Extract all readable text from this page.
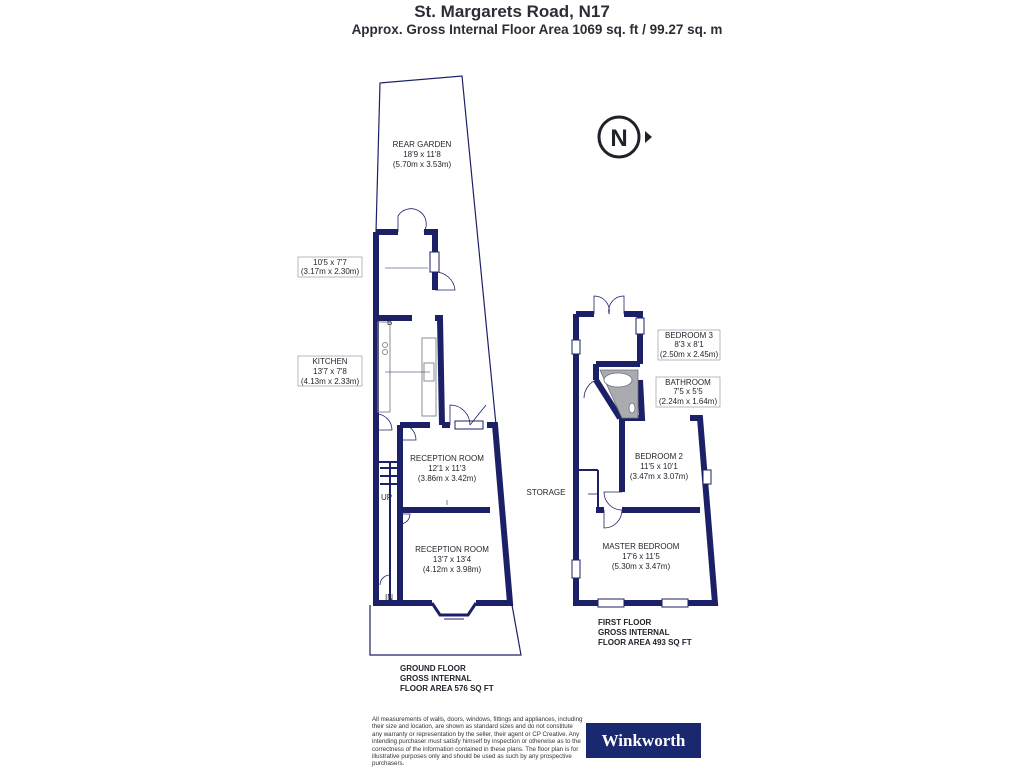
St. Margarets Road, N17
Approx. Gross Internal Floor Area 1069 sq. ft / 99.27 sq. m
N
B
REAR GARDEN
18'9 x 11'8
(5.70m x 3.53m)
10'5 x 7'7
(3.17m x 2.30m)
KITCHEN
13'7 x 7'8
(4.13m x 2.33m)
RECEPTION ROOM
12'1 x 11'3
(3.86m x 3.42m)
RECEPTION ROOM
13'7 x 13'4
(4.12m x 3.98m)
UP
IN
BEDROOM 3
8'3 x 8'1
(2.50m x 2.45m)
BATHROOM
7'5 x 5'5
(2.24m x 1.64m)
BEDROOM 2
11'5 x 10'1
(3.47m x 3.07m)
STORAGE
MASTER BEDROOM
17'6 x 11'5
(5.30m x 3.47m)
GROUND FLOOR
GROSS INTERNAL
FLOOR AREA 576 SQ FT
FIRST FLOOR
GROSS INTERNAL
FLOOR AREA 493 SQ FT
All measurements of walls, doors, windows, fittings and appliances, including their size and location, are shown as standard sizes and do not constitute any warranty or representation by the seller, their agent or CP Creative. Any intending purchaser must satisfy himself by inspection or otherwise as to the correctness of the information contained in these plans. The floor plan is for illustrative purposes only and should be used as such by any prospective purchasers.
Winkworth
